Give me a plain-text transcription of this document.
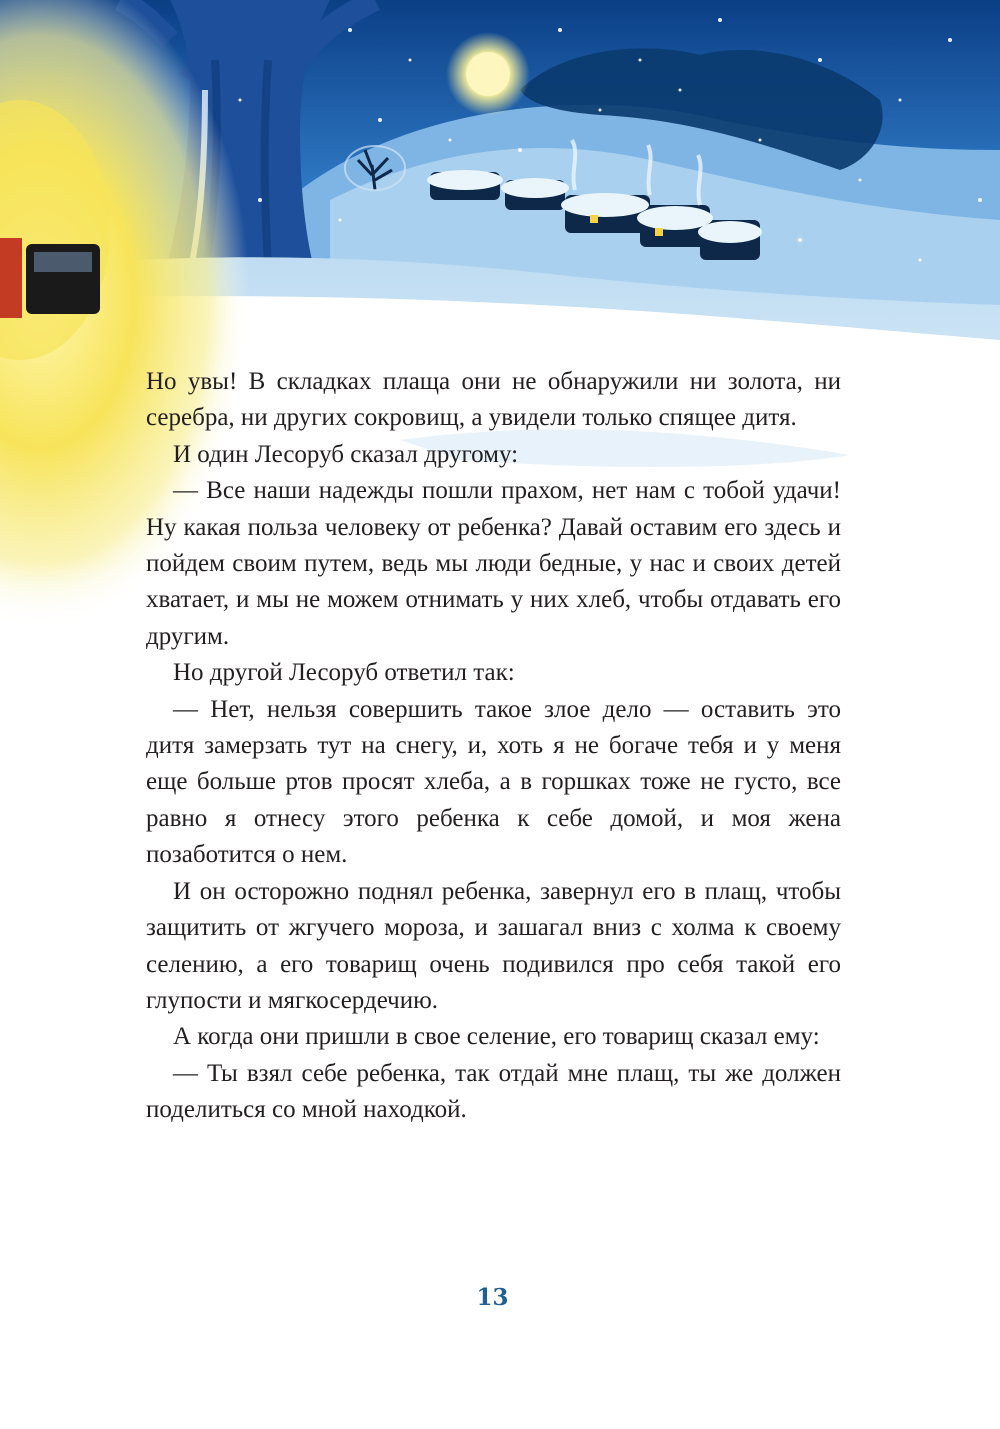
Но увы! В складках плаща они не обнаружили ни золота, ни серебра, ни других сокровищ, а увидели только спящее дитя.

И один Лесоруб сказал другому:

— Все наши надежды пошли прахом, нет нам с тобой удачи! Ну какая польза человеку от ребенка? Давай оставим его здесь и пойдем своим путем, ведь мы люди бедные, у нас и своих детей хватает, и мы не можем отнимать у них хлеб, чтобы отдавать его другим.

Но другой Лесоруб ответил так:

— Нет, нельзя совершить такое злое дело — оставить это дитя замерзать тут на снегу, и, хоть я не богаче тебя и у меня еще больше ртов просят хлеба, а в горшках тоже не густо, все равно я отнесу этого ребенка к себе домой, и моя жена позаботится о нем.

И он осторожно поднял ребенка, завернул его в плащ, чтобы защитить от жгучего мороза, и зашагал вниз с холма к своему селению, а его товарищ очень подивился про себя такой его глупости и мягкосердечию.

А когда они пришли в свое селение, его товарищ сказал ему:

— Ты взял себе ребенка, так отдай мне плащ, ты же должен поделиться со мной находкой.

13
